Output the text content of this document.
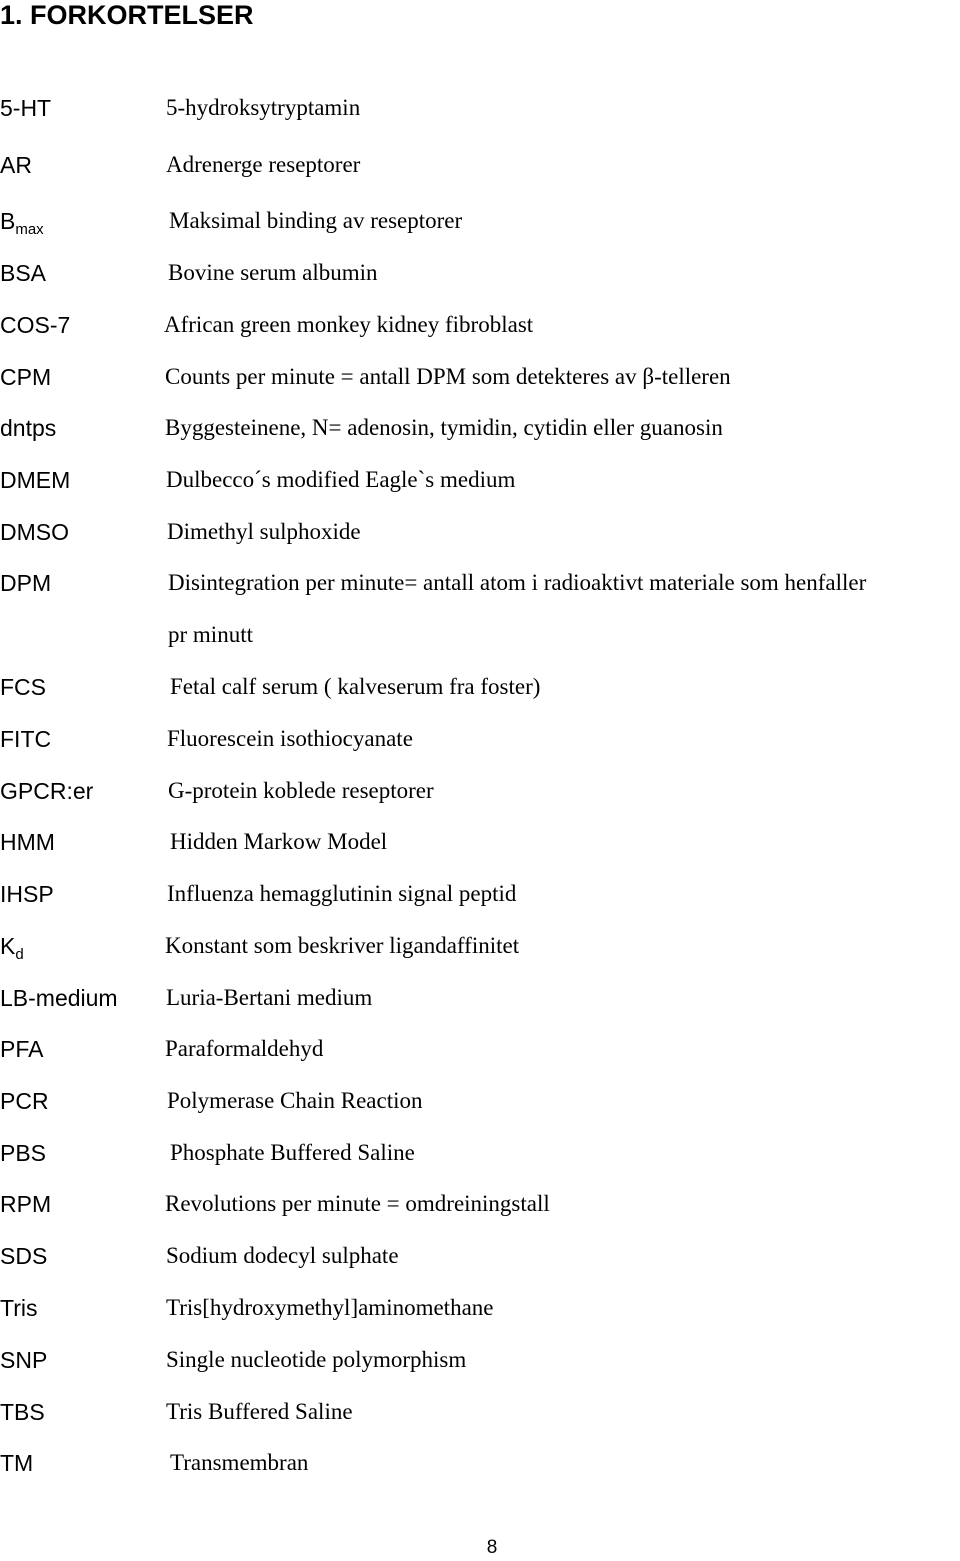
1. FORKORTELSER
5-HT	5-hydroksytryptamin
AR	Adrenerge reseptorer
$B_{max}$	Maksimal binding av reseptorer
BSA	Bovine serum albumin
COS-7	African green monkey kidney fibroblast
CPM	Counts per minute = antall DPM som detekteres av β-telleren
dntps	Byggesteinene, N= adenosin, tymidin, cytidin eller guanosin
DMEM	Dulbecco´s modified Eagle`s medium
DMSO	Dimethyl sulphoxide
DPM	Disintegration per minute= antall atom i radioaktivt materiale som henfaller
pr minutt
FCS	Fetal calf serum ( kalveserum fra foster)
FITC	Fluorescein isothiocyanate
GPCR:er	G-protein koblede reseptorer
HMM	Hidden Markow Model
IHSP	Influenza hemagglutinin signal peptid
$K_d$	Konstant som beskriver ligandaffinitet
LB-medium Luria-Bertani medium
PFA	Paraformaldehyd
PCR	Polymerase Chain Reaction
PBS	Phosphate Buffered Saline
RPM	Revolutions per minute = omdreiningstall
SDS	Sodium dodecyl sulphate
Tris	Tris[hydroxymethyl]aminomethane
SNP	Single nucleotide polymorphism
TBS	Tris Buffered Saline
TM	Transmembran
8
